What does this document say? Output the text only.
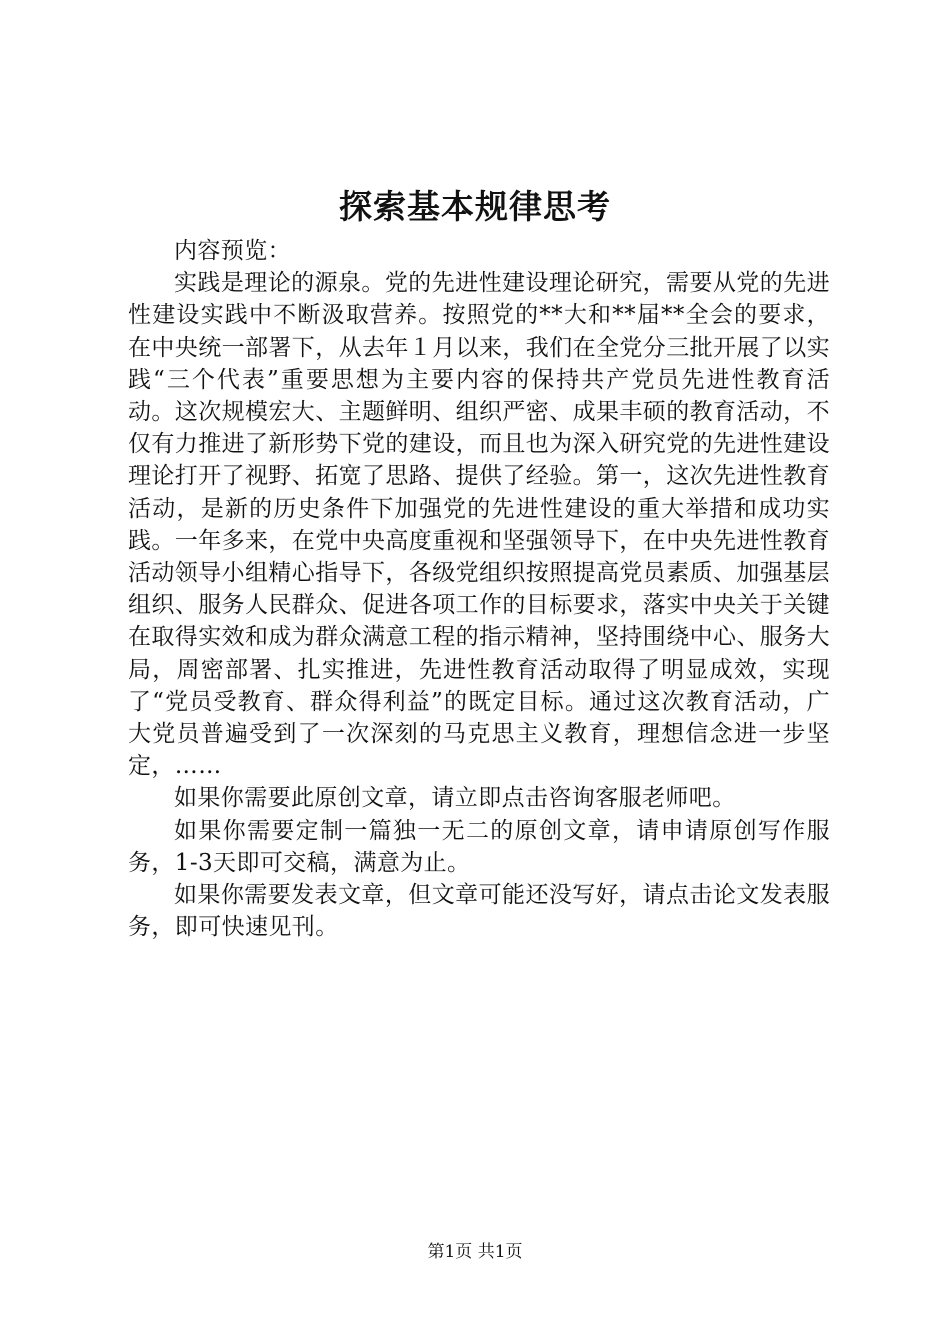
探索基本规律思考

内容预览：

实践是理论的源泉。党的先进性建设理论研究，需要从党的先进性建设实践中不断汲取营养。按照党的**大和**届**全会的要求，在中央统一部署下，从去年１月以来，我们在全党分三批开展了以实践“三个代表”重要思想为主要内容的保持共产党员先进性教育活动。这次规模宏大、主题鲜明、组织严密、成果丰硕的教育活动，不仅有力推进了新形势下党的建设，而且也为深入研究党的先进性建设理论打开了视野、拓宽了思路、提供了经验。第一，这次先进性教育活动，是新的历史条件下加强党的先进性建设的重大举措和成功实践。一年多来，在党中央高度重视和坚强领导下，在中央先进性教育活动领导小组精心指导下，各级党组织按照提高党员素质、加强基层组织、服务人民群众、促进各项工作的目标要求，落实中央关于关键在取得实效和成为群众满意工程的指示精神，坚持围绕中心、服务大局，周密部署、扎实推进，先进性教育活动取得了明显成效，实现了“党员受教育、群众得利益”的既定目标。通过这次教育活动，广大党员普遍受到了一次深刻的马克思主义教育，理想信念进一步坚定，……

如果你需要此原创文章，请立即点击咨询客服老师吧。

如果你需要定制一篇独一无二的原创文章，请申请原创写作服务，1-3天即可交稿，满意为止。

如果你需要发表文章，但文章可能还没写好，请点击论文发表服务，即可快速见刊。

第1页 共1页
